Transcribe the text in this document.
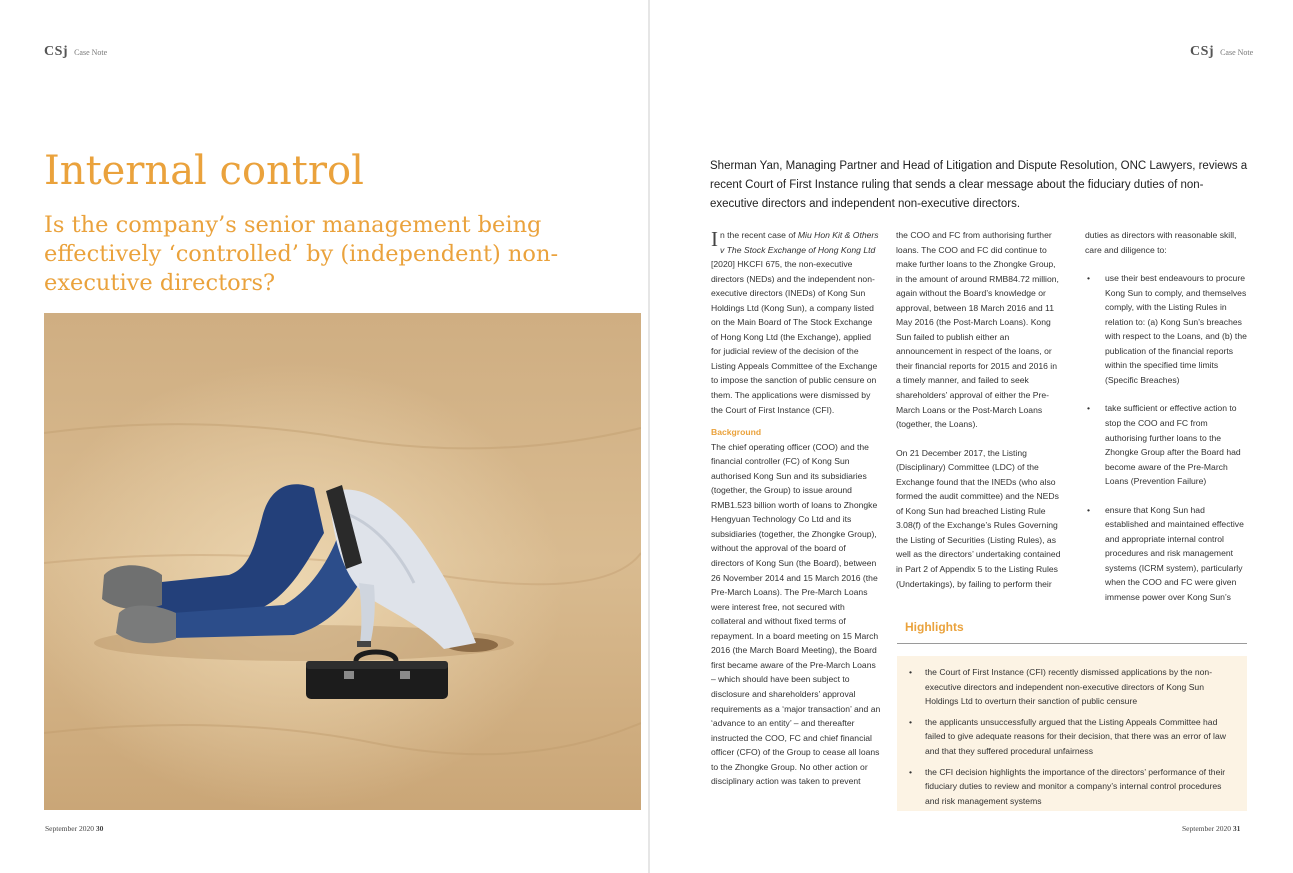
CSj Case Note
Internal control
Is the company’s senior management being effectively ‘controlled’ by (independent) non-executive directors?
September 2020 30
CSj Case Note

Sherman Yan, Managing Partner and Head of Litigation and Dispute Resolution, ONC Lawyers, reviews a recent Court of First Instance ruling that sends a clear message about the fiduciary duties of non-executive directors and independent non-executive directors.

In the recent case of Miu Hon Kit & Others v The Stock Exchange of Hong Kong Ltd [2020] HKCFI 675, the non-executive directors (NEDs) and the independent non-executive directors (INEDs) of Kong Sun Holdings Ltd (Kong Sun), a company listed on the Main Board of The Stock Exchange of Hong Kong Ltd (the Exchange), applied for judicial review of the decision of the Listing Appeals Committee of the Exchange to impose the sanction of public censure on them. The applications were dismissed by the Court of First Instance (CFI).

Background

The chief operating officer (COO) and the financial controller (FC) of Kong Sun authorised Kong Sun and its subsidiaries (together, the Group) to issue around RMB1.523 billion worth of loans to Zhongke Hengyuan Technology Co Ltd and its subsidiaries (together, the Zhongke Group), without the approval of the board of directors of Kong Sun (the Board), between 26 November 2014 and 15 March 2016 (the Pre-March Loans). The Pre-March Loans were interest free, not secured with collateral and without fixed terms of repayment. In a board meeting on 15 March 2016 (the March Board Meeting), the Board first became aware of the Pre-March Loans – which should have been subject to disclosure and shareholders’ approval requirements as a ‘major transaction’ and an ‘advance to an entity’ – and thereafter instructed the COO, FC and chief financial officer (CFO) of the Group to cease all loans to the Zhongke Group. No other action or disciplinary action was taken to prevent

the COO and FC from authorising further loans. The COO and FC did continue to make further loans to the Zhongke Group, in the amount of around RMB84.72 million, again without the Board’s knowledge or approval, between 18 March 2016 and 11 May 2016 (the Post-March Loans). Kong Sun failed to publish either an announcement in respect of the loans, or their financial reports for 2015 and 2016 in a timely manner, and failed to seek shareholders’ approval of either the Pre-March Loans or the Post-March Loans (together, the Loans).

On 21 December 2017, the Listing (Disciplinary) Committee (LDC) of the Exchange found that the INEDs (who also formed the audit committee) and the NEDs of Kong Sun had breached Listing Rule 3.08(f) of the Exchange’s Rules Governing the Listing of Securities (Listing Rules), as well as the directors’ undertaking contained in Part 2 of Appendix 5 to the Listing Rules (Undertakings), by failing to perform their

duties as directors with reasonable skill, care and diligence to:

• use their best endeavours to procure Kong Sun to comply, and themselves comply, with the Listing Rules in relation to: (a) Kong Sun’s breaches with respect to the Loans, and (b) the publication of the financial reports within the specified time limits (Specific Breaches)
• take sufficient or effective action to stop the COO and FC from authorising further loans to the Zhongke Group after the Board had become aware of the Pre-March Loans (Prevention Failure)
• ensure that Kong Sun had established and maintained effective and appropriate internal control procedures and risk management systems (ICRM system), particularly when the COO and FC were given immense power over Kong Sun’s
Highlights
• the Court of First Instance (CFI) recently dismissed applications by the non-executive directors and independent non-executive directors of Kong Sun Holdings Ltd to overturn their sanction of public censure
• the applicants unsuccessfully argued that the Listing Appeals Committee had failed to give adequate reasons for their decision, that there was an error of law and that they suffered procedural unfairness
• the CFI decision highlights the importance of the directors’ performance of their fiduciary duties to review and monitor a company’s internal control procedures and risk management systems
September 2020 31
